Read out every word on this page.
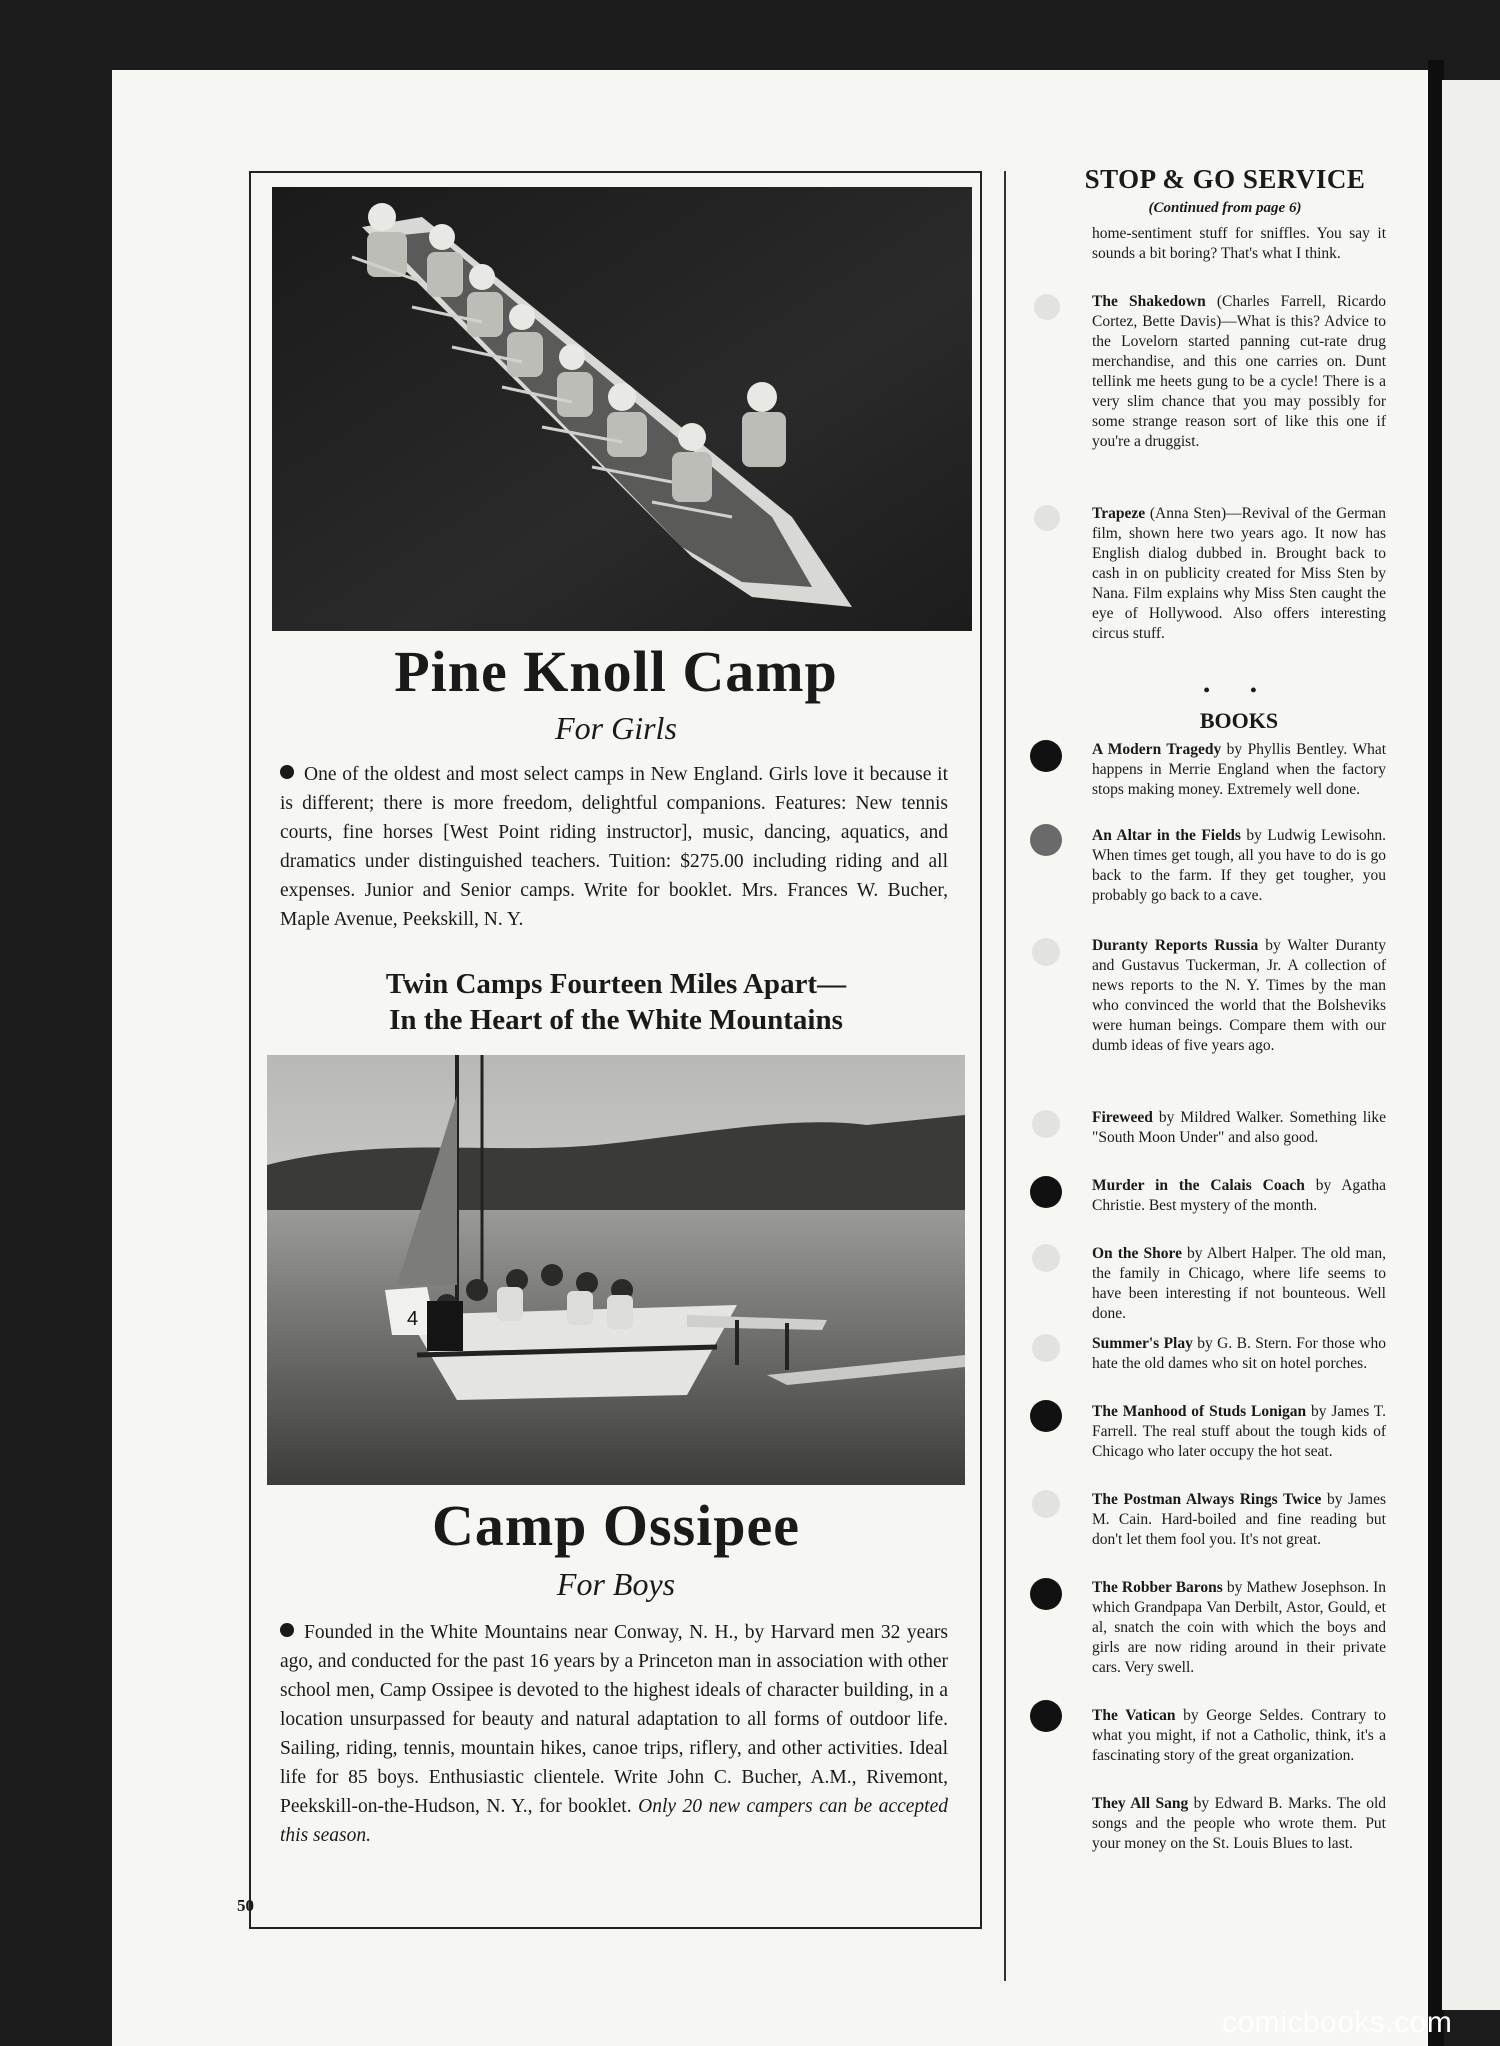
Pine Knoll Camp
For Girls
One of the oldest and most select camps in New England. Girls love it because it is different; there is more freedom, delightful companions. Features: New tennis courts, fine horses [West Point riding instructor], music, dancing, aquatics, and dramatics under distinguished teachers. Tuition: $275.00 including riding and all expenses. Junior and Senior camps. Write for booklet. Mrs. Frances W. Bucher, Maple Avenue, Peekskill, N. Y.
Twin Camps Fourteen Miles Apart—
In the Heart of the White Mountains
4
Camp Ossipee
For Boys
Founded in the White Mountains near Conway, N. H., by Harvard men 32 years ago, and conducted for the past 16 years by a Princeton man in association with other school men, Camp Ossipee is devoted to the highest ideals of character building, in a location unsurpassed for beauty and natural adaptation to all forms of outdoor life. Sailing, riding, tennis, mountain hikes, canoe trips, riflery, and other activities. Ideal life for 85 boys. Enthusiastic clientele. Write John C. Bucher, A.M., Rivemont, Peekskill-on-the-Hudson, N. Y., for booklet. Only 20 new campers can be accepted this season.
50
STOP & GO SERVICE
(Continued from page 6)
home-sentiment stuff for sniffles. You say it sounds a bit boring? That's what I think.
The Shakedown (Charles Farrell, Ricardo Cortez, Bette Davis)—What is this? Advice to the Lovelorn started panning cut-rate drug merchandise, and this one carries on. Dunt tellink me heets gung to be a cycle! There is a very slim chance that you may possibly for some strange reason sort of like this one if you're a druggist.
Trapeze (Anna Sten)—Revival of the German film, shown here two years ago. It now has English dialog dubbed in. Brought back to cash in on publicity created for Miss Sten by Nana. Film explains why Miss Sten caught the eye of Hollywood. Also offers interesting circus stuff.
• •
BOOKS
A Modern Tragedy by Phyllis Bentley. What happens in Merrie England when the factory stops making money. Extremely well done.
An Altar in the Fields by Ludwig Lewisohn. When times get tough, all you have to do is go back to the farm. If they get tougher, you probably go back to a cave.
Duranty Reports Russia by Walter Duranty and Gustavus Tuckerman, Jr. A collection of news reports to the N. Y. Times by the man who convinced the world that the Bolsheviks were human beings. Compare them with our dumb ideas of five years ago.
Fireweed by Mildred Walker. Something like "South Moon Under" and also good.
Murder in the Calais Coach by Agatha Christie. Best mystery of the month.
On the Shore by Albert Halper. The old man, the family in Chicago, where life seems to have been interesting if not bounteous. Well done.
Summer's Play by G. B. Stern. For those who hate the old dames who sit on hotel porches.
The Manhood of Studs Lonigan by James T. Farrell. The real stuff about the tough kids of Chicago who later occupy the hot seat.
The Postman Always Rings Twice by James M. Cain. Hard-boiled and fine reading but don't let them fool you. It's not great.
The Robber Barons by Mathew Josephson. In which Grandpapa Van Derbilt, Astor, Gould, et al, snatch the coin with which the boys and girls are now riding around in their private cars. Very swell.
The Vatican by George Seldes. Contrary to what you might, if not a Catholic, think, it's a fascinating story of the great organization.
They All Sang by Edward B. Marks. The old songs and the people who wrote them. Put your money on the St. Louis Blues to last.
comicbooks.com
